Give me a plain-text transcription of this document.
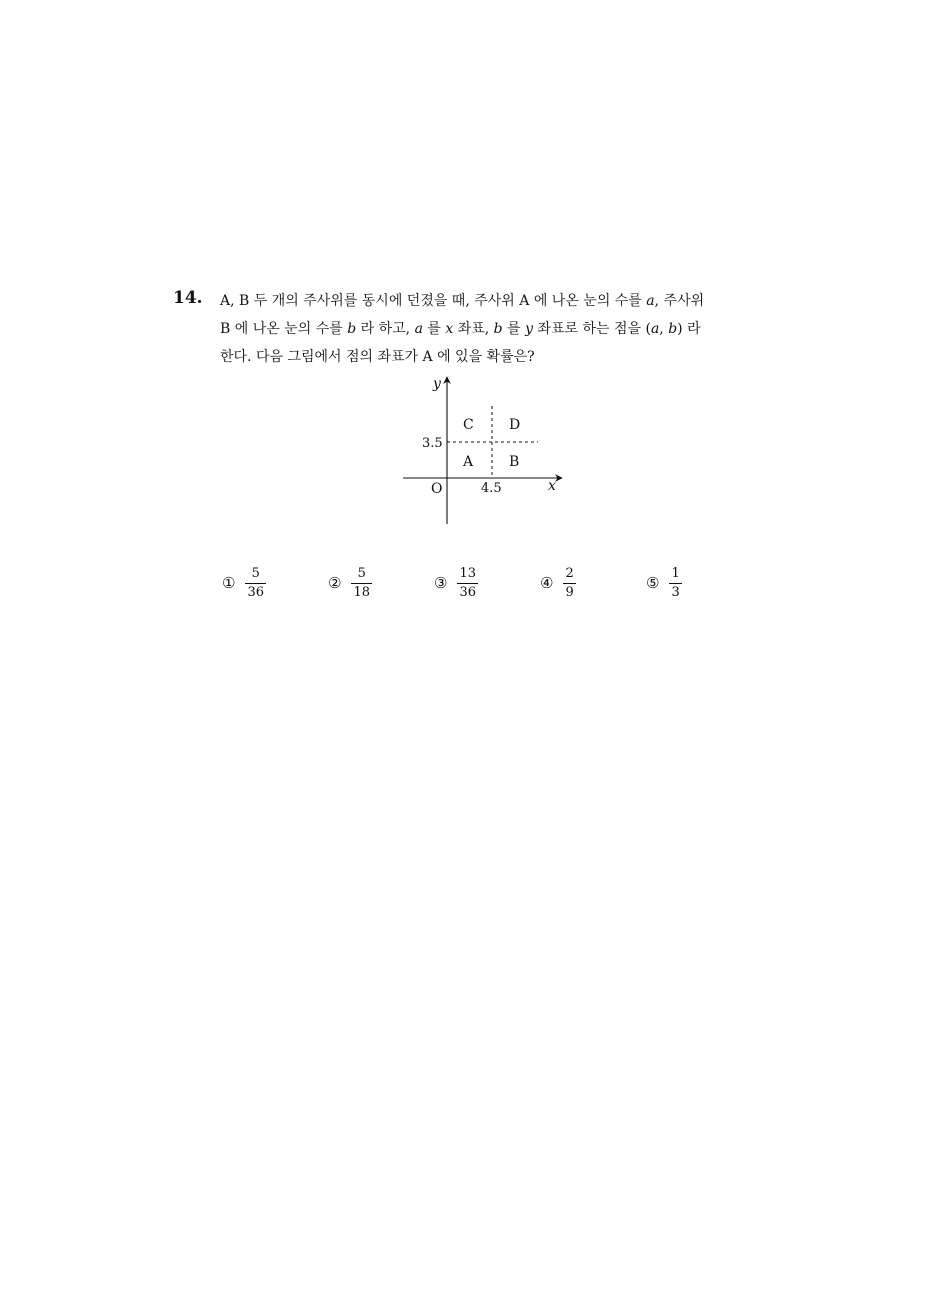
14. A, B 두 개의 주사위를 동시에 던졌을 때, 주사위 A 에 나온 눈의 수를 a, 주사위
B 에 나온 눈의 수를 b 라 하고, a 를 x 좌표, b 를 y 좌표로 하는 점을 (a, b) 라
한다. 다음 그림에서 점의 좌표가 A 에 있을 확률은?
y
x
O
3.5
4.5
C	D
A	B
① $\frac{5}{36}$	② $\frac{5}{18}$	③ $\frac{13}{36}$	④ $\frac{2}{9}$	⑤ $\frac{1}{3}$
